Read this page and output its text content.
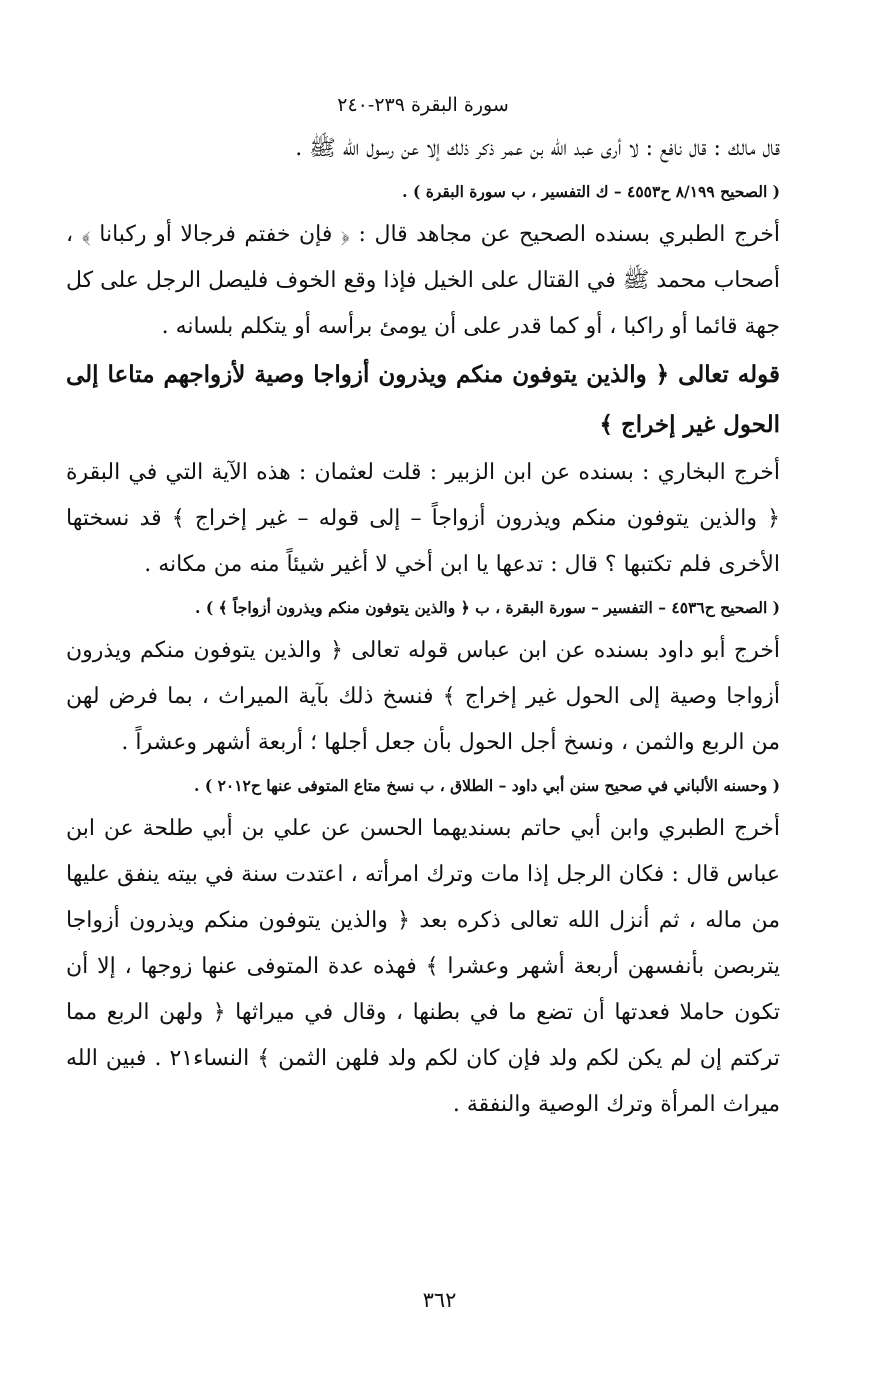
سورة البقرة ٢٣٩-٢٤٠

قال مالك : قال نافع : لا أرى عبد الله بن عمر ذكر ذلك إلا عن رسول الله ﷺ .

( الصحيح ٨/١٩٩ ح٤٥٥٣ – ك التفسير ، ب سورة البقرة ) .

أخرج الطبري بسنده الصحيح عن مجاهد قال : ﴿ فإن خفتم فرجالا أو ركبانا ﴾ ، أصحاب محمد ﷺ في القتال على الخيل فإذا وقع الخوف فليصل الرجل على كل جهة قائما أو راكبا ، أو كما قدر على أن يومئ برأسه أو يتكلم بلسانه .

قوله تعالى ﴿ والذين يتوفون منكم ويذرون أزواجا وصية لأزواجهم متاعا إلى الحول غير إخراج ﴾

أخرج البخاري : بسنده عن ابن الزبير : قلت لعثمان : هذه الآية التي في البقرة ﴿ والذين يتوفون منكم ويذرون أزواجاً – إلى قوله – غير إخراج ﴾ قد نسختها الأخرى فلم تكتبها ؟ قال : تدعها يا ابن أخي لا أغير شيئاً منه من مكانه .

( الصحيح ح٤٥٣٦ – التفسير – سورة البقرة ، ب ﴿ والذين يتوفون منكم ويذرون أزواجاً ﴾ ) .

أخرج أبو داود بسنده عن ابن عباس قوله تعالى ﴿ والذين يتوفون منكم ويذرون أزواجا وصية إلى الحول غير إخراج ﴾ فنسخ ذلك بآية الميراث ، بما فرض لهن من الربع والثمن ، ونسخ أجل الحول بأن جعل أجلها ؛ أربعة أشهر وعشراً .

( وحسنه الألباني في صحيح سنن أبي داود – الطلاق ، ب نسخ متاع المتوفى عنها ح٢٠١٢ ) .

أخرج الطبري وابن أبي حاتم بسنديهما الحسن عن علي بن أبي طلحة عن ابن عباس قال : فكان الرجل إذا مات وترك امرأته ، اعتدت سنة في بيته ينفق عليها من ماله ، ثم أنزل الله تعالى ذكره بعد ﴿ والذين يتوفون منكم ويذرون أزواجا يتربصن بأنفسهن أربعة أشهر وعشرا ﴾ فهذه عدة المتوفى عنها زوجها ، إلا أن تكون حاملا فعدتها أن تضع ما في بطنها ، وقال في ميراثها ﴿ ولهن الربع مما تركتم إن لم يكن لكم ولد فإن كان لكم ولد فلهن الثمن ﴾ النساء٢١ . فبين الله ميراث المرأة وترك الوصية والنفقة .

٣٦٢
